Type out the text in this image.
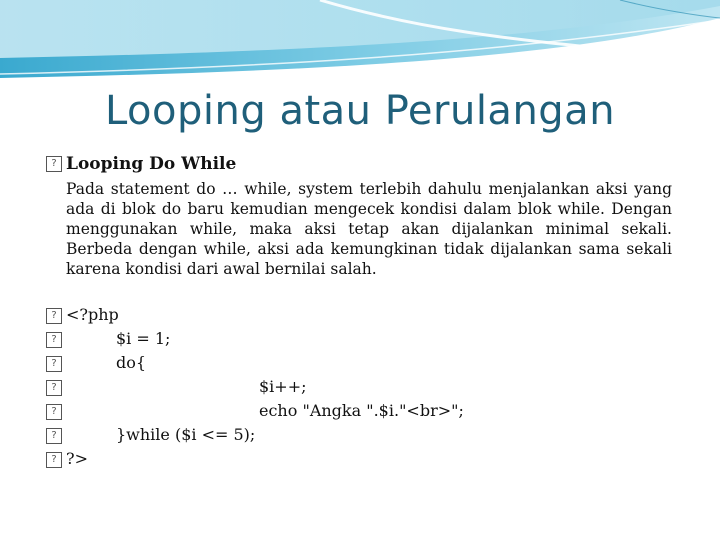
Looping atau Perulangan
? Looping Do While
Pada statement do … while, system terlebih dahulu menjalankan aksi yang ada di blok do baru kemudian mengecek kondisi dalam blok while. Dengan menggunakan while, maka aksi tetap akan dijalankan minimal sekali. Berbeda dengan while, aksi ada kemungkinan tidak dijalankan sama sekali karena kondisi dari awal bernilai salah.
? <?php
?	$i = 1;
?	do{
?	$i++;
?	echo "Angka ".$i."<br>";
?	}while ($i <= 5);
? ?>
